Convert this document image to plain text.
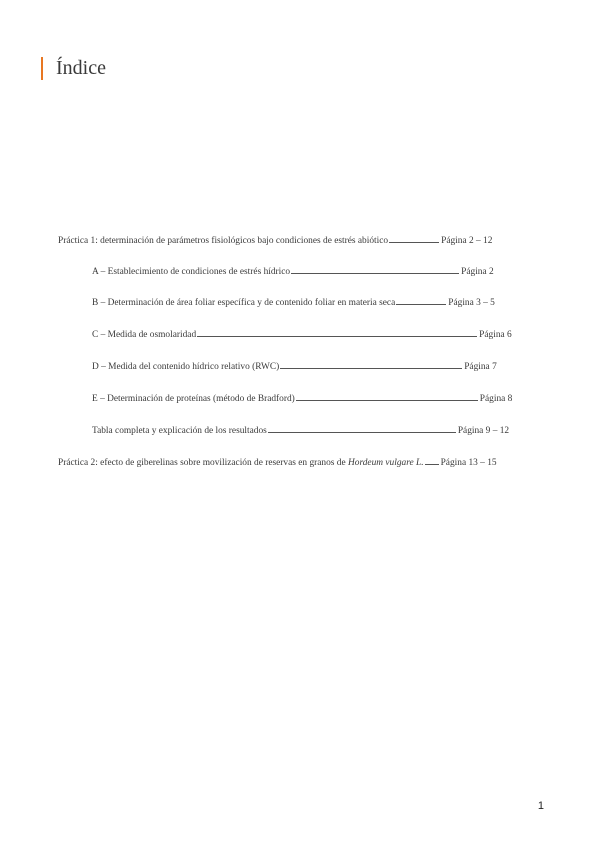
Índice
Práctica 1: determinación de parámetros fisiológicos bajo condiciones de estrés abiótico	Página 2 – 12
A – Establecimiento de condiciones de estrés hídrico	Página 2
B – Determinación de área foliar específica y de contenido foliar en materia seca	Página 3 – 5
C – Medida de osmolaridad	Página 6
D – Medida del contenido hídrico relativo (RWC)	Página 7
E – Determinación de proteínas (método de Bradford)	Página 8
Tabla completa y explicación de los resultados	Página 9 – 12
Práctica 2: efecto de giberelinas sobre movilización de reservas en granos de Hordeum vulgare L. Página 13 – 15
1
